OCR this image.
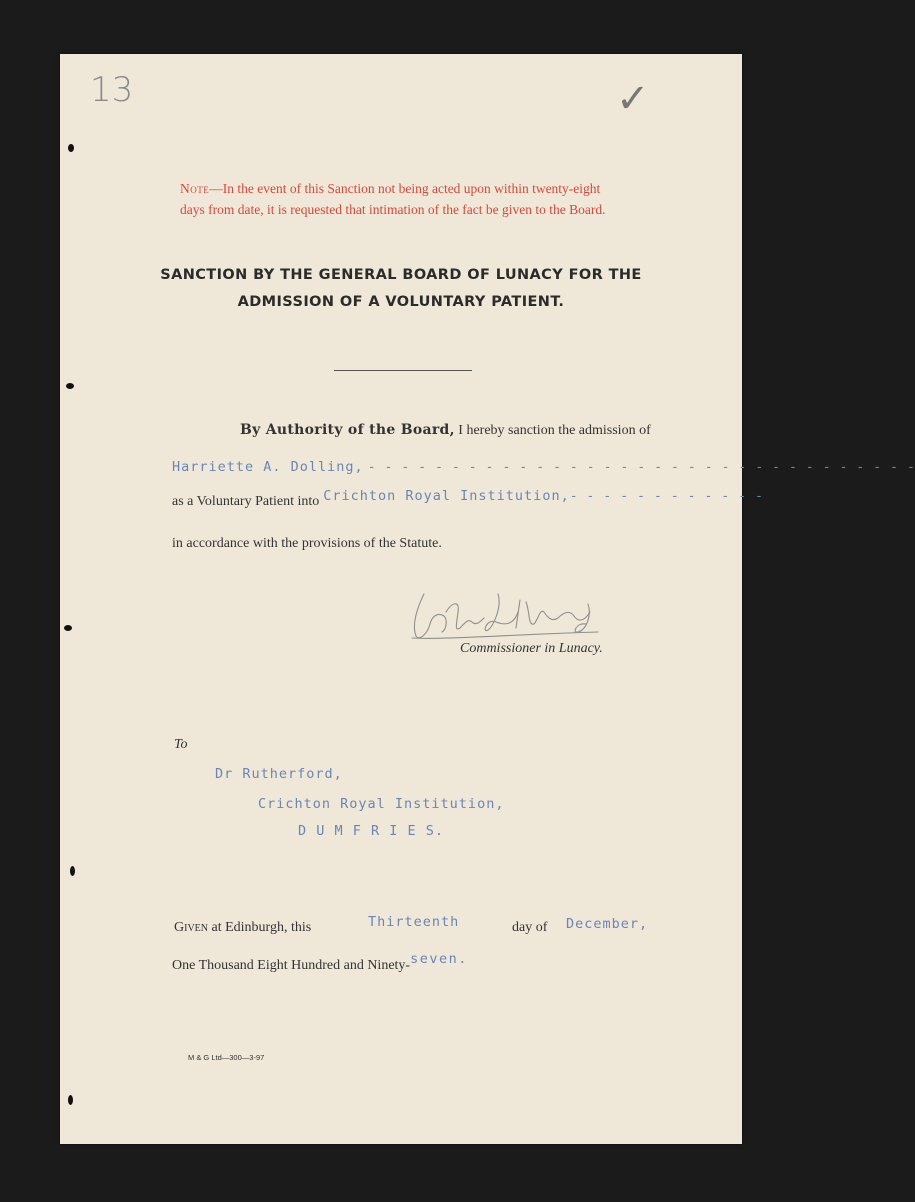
13	✓
Note—In the event of this Sanction not being acted upon within twenty-eight
days from date, it is requested that intimation of the fact be given to the Board.
SANCTION BY THE GENERAL BOARD OF LUNACY FOR THE
ADMISSION OF A VOLUNTARY PATIENT.
By Authority of the Board, I hereby sanction the admission of
Harriette A. Dolling, - - - - - - - - - - - - - - - - - - - - - - - - - - - - - - - - -
as a Voluntary Patient into $^{Crichton Royal Institution,- - - - - - - - - - - -}$
in accordance with the provisions of the Statute.
Commissioner in Lunacy.
To
Dr Rutherford,
Crichton Royal Institution,
D U M F R I E S.
Given at Edinburgh, this	Thirteenth	day of December,
One Thousand Eight Hundred and Ninety-$^{seven.}$
M & G Ltd—300—3-97
